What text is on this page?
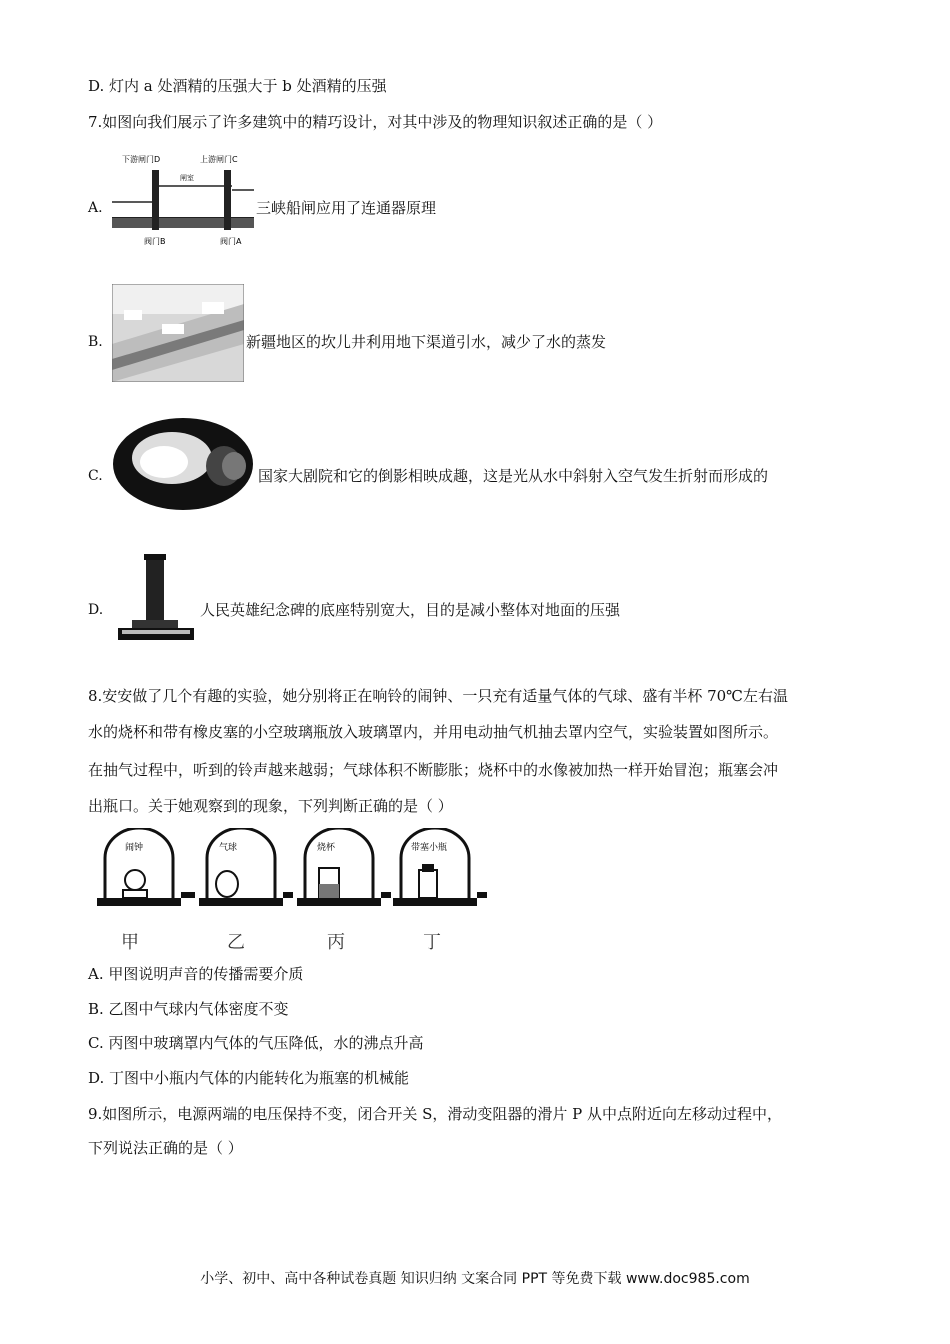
D. 灯内 a 处酒精的压强大于 b 处酒精的压强
7.如图向我们展示了许多建筑中的精巧设计，对其中涉及的物理知识叙述正确的是（ ）
A.
下游闸门D	上游闸门C
闸室
阀门B	阀门A
三峡船闸应用了连通器原理
B.	新疆地区的坎儿井利用地下渠道引水，减少了水的蒸发
C.	国家大剧院和它的倒影相映成趣，这是光从水中斜射入空气发生折射而形成的
D.	人民英雄纪念碑的底座特别宽大，目的是减小整体对地面的压强
8.安安做了几个有趣的实验，她分别将正在响铃的闹钟、一只充有适量气体的气球、盛有半杯 70℃左右温
水的烧杯和带有橡皮塞的小空玻璃瓶放入玻璃罩内，并用电动抽气机抽去罩内空气，实验装置如图所示。
在抽气过程中，听到的铃声越来越弱；气球体积不断膨胀；烧杯中的水像被加热一样开始冒泡；瓶塞会冲
出瓶口。关于她观察到的现象，下列判断正确的是（ ）
闹钟	气球	烧杯	带塞小瓶
甲	乙	丙	丁
A. 甲图说明声音的传播需要介质
B. 乙图中气球内气体密度不变
C. 丙图中玻璃罩内气体的气压降低，水的沸点升高
D. 丁图中小瓶内气体的内能转化为瓶塞的机械能
9.如图所示，电源两端的电压保持不变，闭合开关 S，滑动变阻器的滑片 P 从中点附近向左移动过程中，
下列说法正确的是（ ）
小学、初中、高中各种试卷真题 知识归纳 文案合同 PPT 等免费下载 www.doc985.com
